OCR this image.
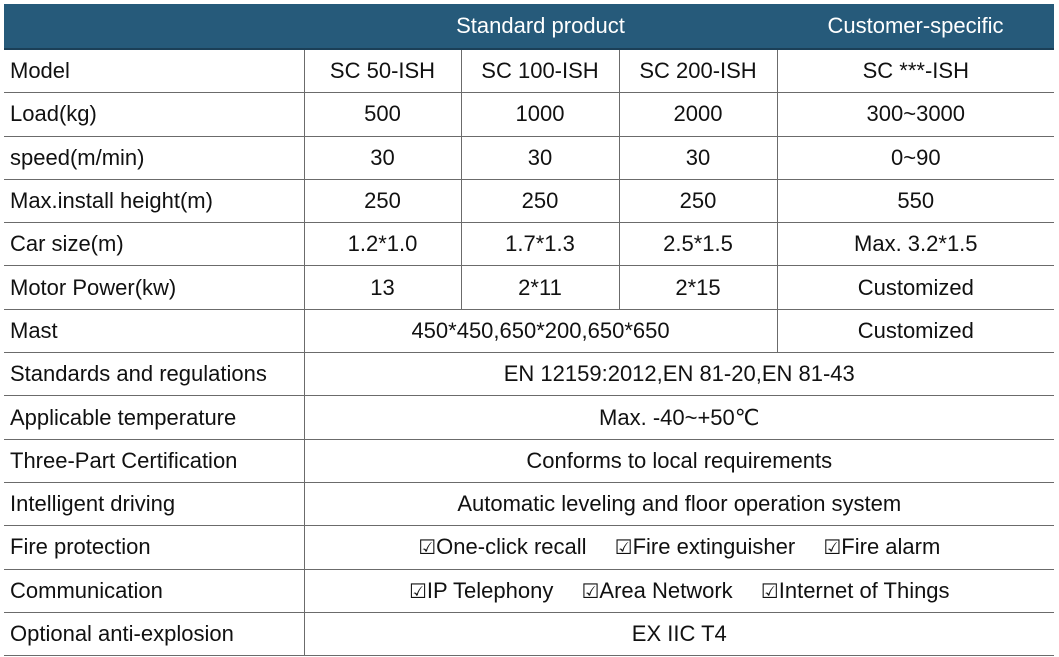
	Standard product			Customer-specific
Model	SC 50-ISH	SC 100-ISH	SC 200-ISH	SC ***-ISH
Load(kg)	500	1000	2000	300~3000
speed(m/min)	30	30	30	0~90
Max.install height(m)	250	250	250	550
Car size(m)	1.2*1.0	1.7*1.3	2.5*1.5	Max. 3.2*1.5
Motor Power(kw)	13	2*11	2*15	Customized
Mast	450*450,650*200,650*650			Customized
Standards and regulations	EN 12159:2012,EN 81-20,EN 81-43			
Applicable temperature	Max. -40~+50℃			
Three-Part Certification	Conforms to local requirements			
Intelligent driving	Automatic leveling and floor operation system			
Fire protection	☑One-click recall ☑Fire extinguisher ☑Fire alarm			
Communication	☑IP Telephony ☑Area Network ☑Internet of Things			
Optional anti-explosion	EX IIC T4			
